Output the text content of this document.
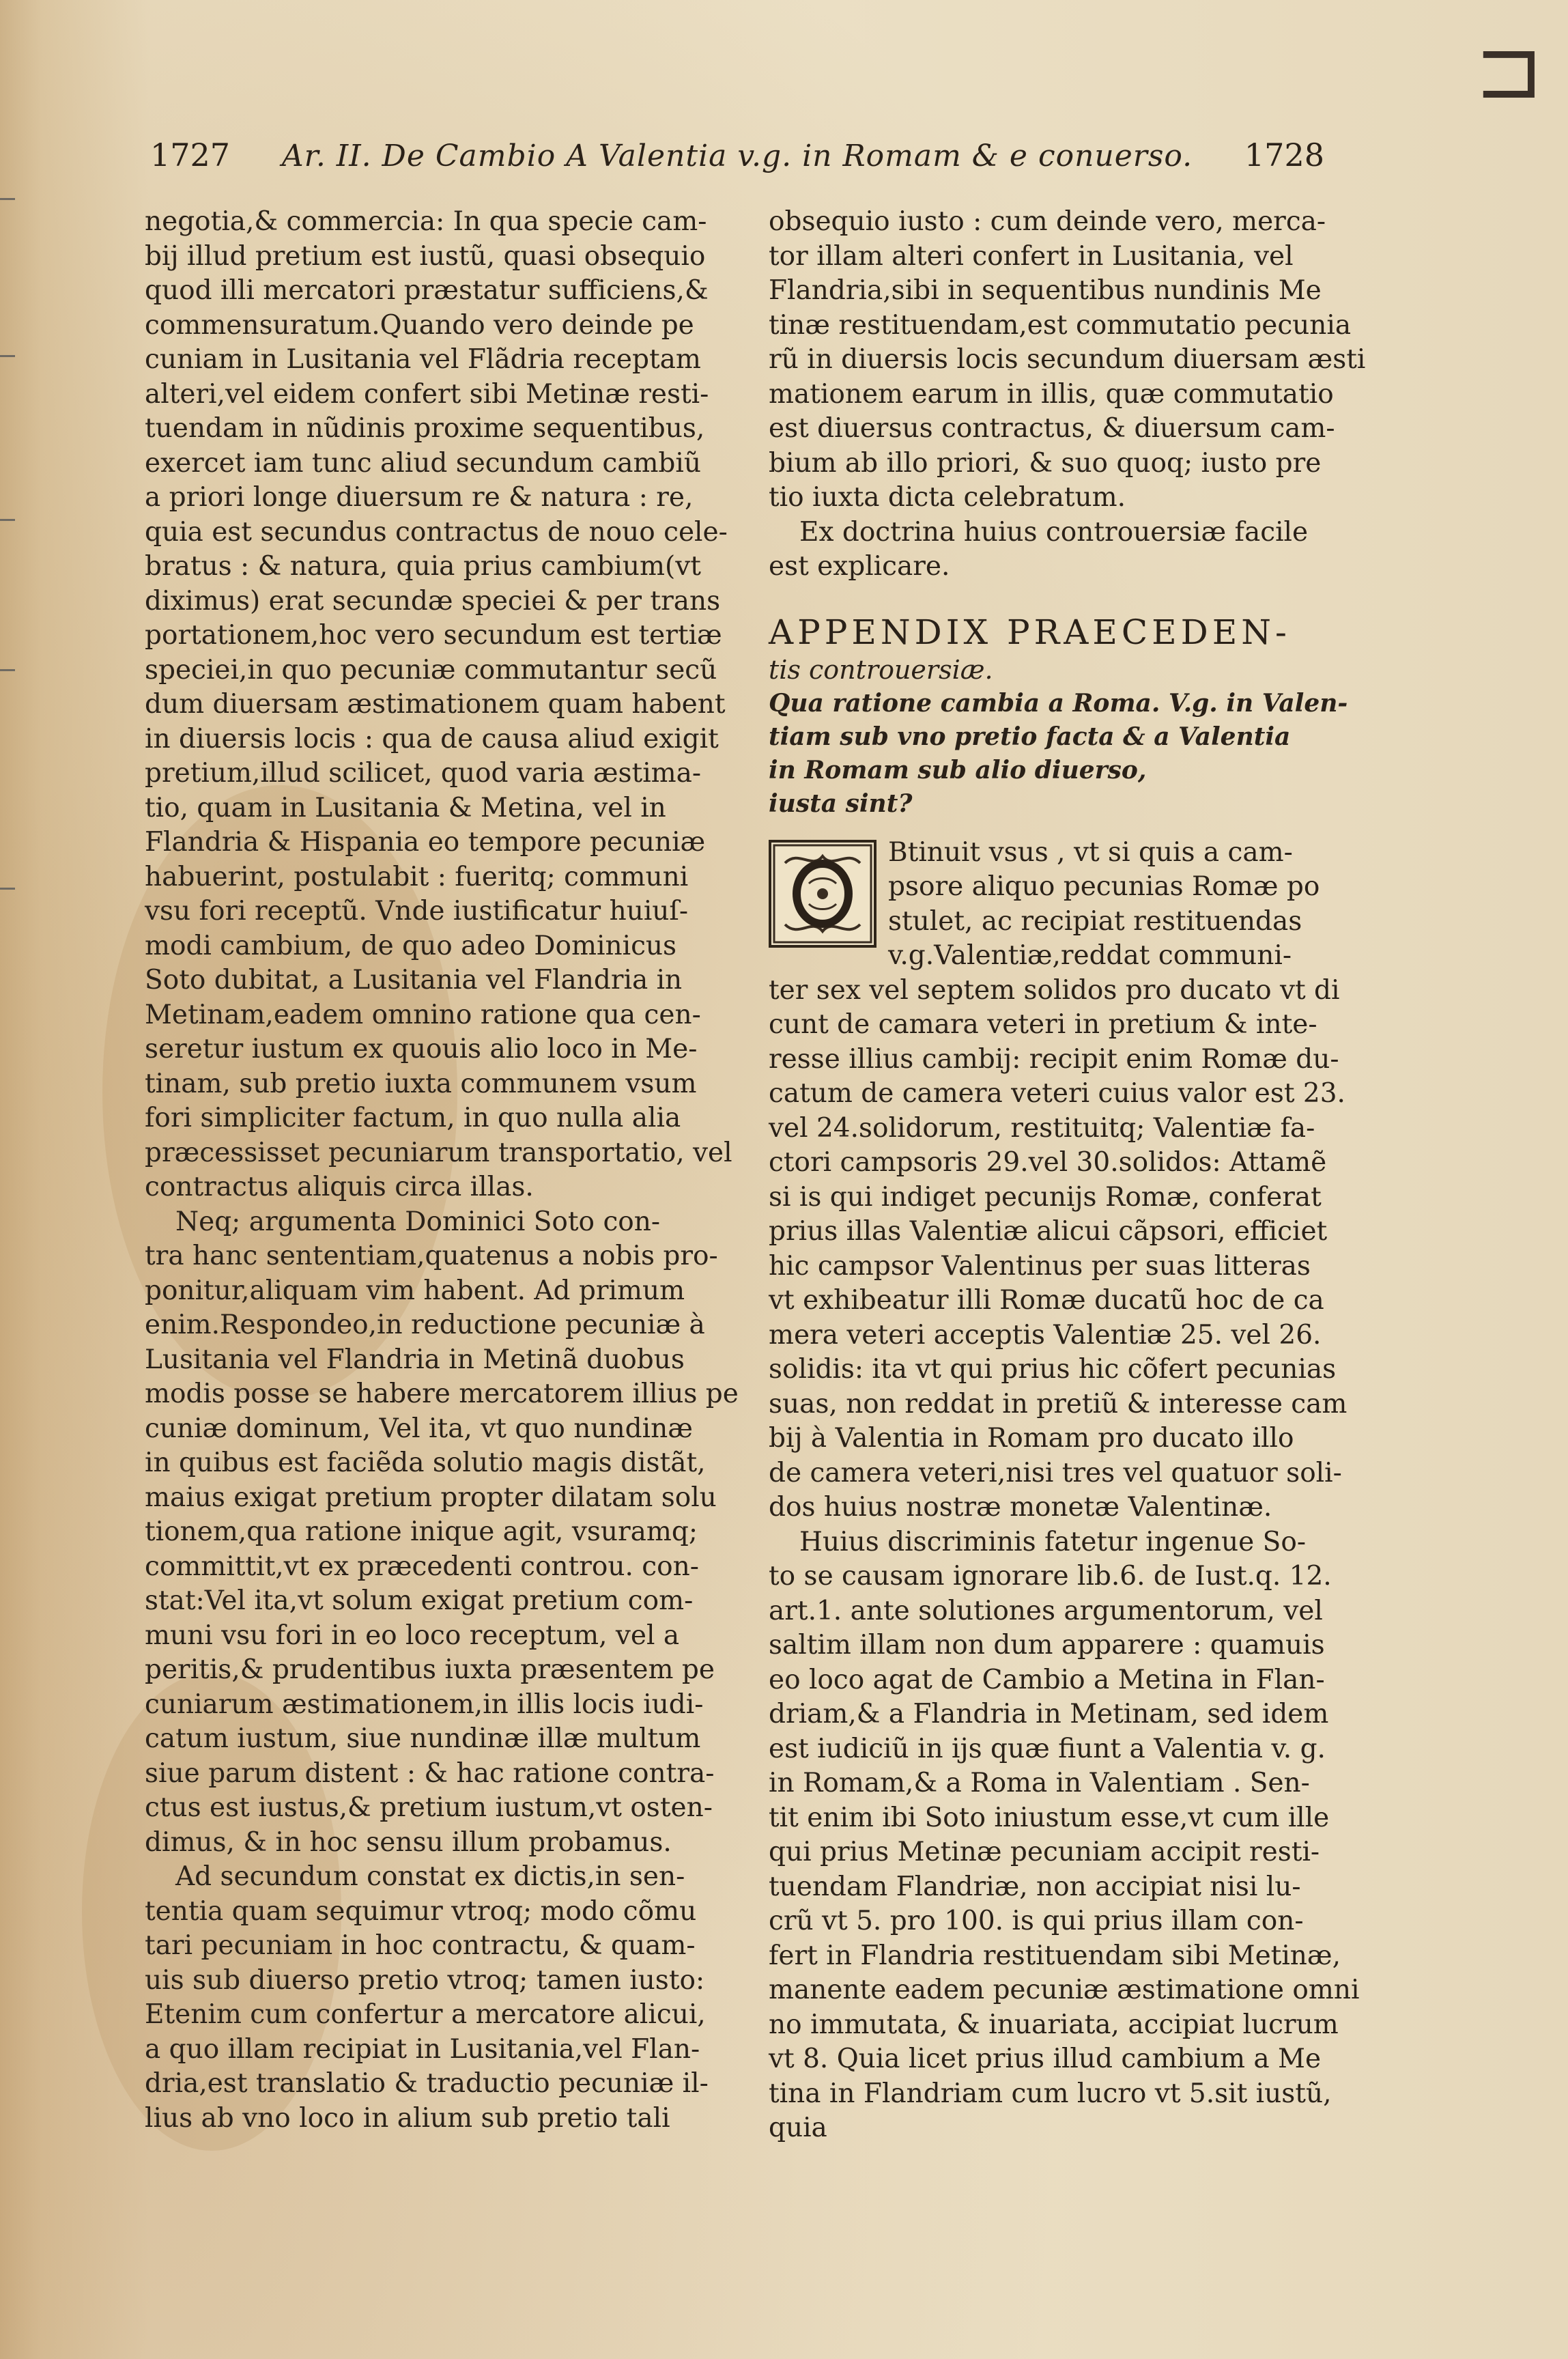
⊐
1727 Ar. II. De Cambio A Valentia v.g. in Romam & e conuerso. 1728
negotia,& commercia: In qua specie cam-
bij illud pretium est iustũ, quasi obsequio
quod illi mercatori præstatur sufficiens,&
commensuratum.Quando vero deinde pe
cuniam in Lusitania vel Flãdria receptam
alteri,vel eidem confert sibi Metinæ resti-
tuendam in nũdinis proxime sequentibus,
exercet iam tunc aliud secundum cambiũ
a priori longe diuersum re & natura : re,
quia est secundus contractus de nouo cele-
bratus : & natura, quia prius cambium(vt
diximus) erat secundæ speciei & per trans
portationem,hoc vero secundum est tertiæ
speciei,in quo pecuniæ commutantur secũ
dum diuersam æstimationem quam habent
in diuersis locis : qua de causa aliud exigit
pretium,illud scilicet, quod varia æstima-
tio, quam in Lusitania & Metina, vel in
Flandria & Hispania eo tempore pecuniæ
habuerint, postulabit : fueritq; communi
vsu fori receptũ. Vnde iustificatur huiuſ-
modi cambium, de quo adeo Dominicus
Soto dubitat, a Lusitania vel Flandria in
Metinam,eadem omnino ratione qua cen-
seretur iustum ex quouis alio loco in Me-
tinam, sub pretio iuxta communem vsum
fori simpliciter factum, in quo nulla alia
præcessisset pecuniarum transportatio, vel
contractus aliquis circa illas.
Neq; argumenta Dominici Soto con-
tra hanc sententiam,quatenus a nobis pro-
ponitur,aliquam vim habent. Ad primum
enim.Respondeo,in reductione pecuniæ à
Lusitania vel Flandria in Metinã duobus
modis posse se habere mercatorem illius pe
cuniæ dominum, Vel ita, vt quo nundinæ
in quibus est faciẽda solutio magis distãt,
maius exigat pretium propter dilatam solu
tionem,qua ratione inique agit, vsuramq;
committit,vt ex præcedenti controu. con-
stat:Vel ita,vt solum exigat pretium com-
muni vsu fori in eo loco receptum, vel a
peritis,& prudentibus iuxta præsentem pe
cuniarum æstimationem,in illis locis iudi-
catum iustum, siue nundinæ illæ multum
siue parum distent : & hac ratione contra-
ctus est iustus,& pretium iustum,vt osten-
dimus, & in hoc sensu illum probamus.
Ad secundum constat ex dictis,in sen-
tentia quam sequimur vtroq; modo cõmu
tari pecuniam in hoc contractu, & quam-
uis sub diuerso pretio vtroq; tamen iusto:
Etenim cum confertur a mercatore alicui,
a quo illam recipiat in Lusitania,vel Flan-
dria,est translatio & traductio pecuniæ il-
lius ab vno loco in alium sub pretio tali
obsequio iusto : cum deinde vero, merca-
tor illam alteri confert in Lusitania, vel
Flandria,sibi in sequentibus nundinis Me
tinæ restituendam,est commutatio pecunia
rũ in diuersis locis secundum diuersam æsti
mationem earum in illis, quæ commutatio
est diuersus contractus, & diuersum cam-
bium ab illo priori, & suo quoq; iusto pre
tio iuxta dicta celebratum.
Ex doctrina huius controuersiæ facile
est explicare.
APPENDIX PRAECEDEN-
tis controuersiæ.
Qua ratione cambia a Roma. V.g. in Valen-
tiam sub vno pretio facta & a Valentia
in Romam sub alio diuerso,
iusta sint?
Btinuit vsus , vt si quis a cam-
psore aliquo pecunias Romæ po
stulet, ac recipiat restituendas
v.g.Valentiæ,reddat communi-
ter sex vel septem solidos pro ducato vt di
cunt de camara veteri in pretium & inte-
resse illius cambij: recipit enim Romæ du-
catum de camera veteri cuius valor est 23.
vel 24.solidorum, restituitq; Valentiæ fa-
ctori campsoris 29.vel 30.solidos: Attamẽ
si is qui indiget pecunijs Romæ, conferat
prius illas Valentiæ alicui cãpsori, efficiet
hic campsor Valentinus per suas litteras
vt exhibeatur illi Romæ ducatũ hoc de ca
mera veteri acceptis Valentiæ 25. vel 26.
solidis: ita vt qui prius hic cõfert pecunias
suas, non reddat in pretiũ & interesse cam
bij à Valentia in Romam pro ducato illo
de camera veteri,nisi tres vel quatuor soli-
dos huius nostræ monetæ Valentinæ.
Huius discriminis fatetur ingenue So-
to se causam ignorare lib.6. de Iust.q. 12.
art.1. ante solutiones argumentorum, vel
saltim illam non dum apparere : quamuis
eo loco agat de Cambio a Metina in Flan-
driam,& a Flandria in Metinam, sed idem
est iudiciũ in ijs quæ fiunt a Valentia v. g.
in Romam,& a Roma in Valentiam . Sen-
tit enim ibi Soto iniustum esse,vt cum ille
qui prius Metinæ pecuniam accipit resti-
tuendam Flandriæ, non accipiat nisi lu-
crũ vt 5. pro 100. is qui prius illam con-
fert in Flandria restituendam sibi Metinæ,
manente eadem pecuniæ æstimatione omni
no immutata, & inuariata, accipiat lucrum
vt 8. Quia licet prius illud cambium a Me
tina in Flandriam cum lucro vt 5.sit iustũ,
quia
